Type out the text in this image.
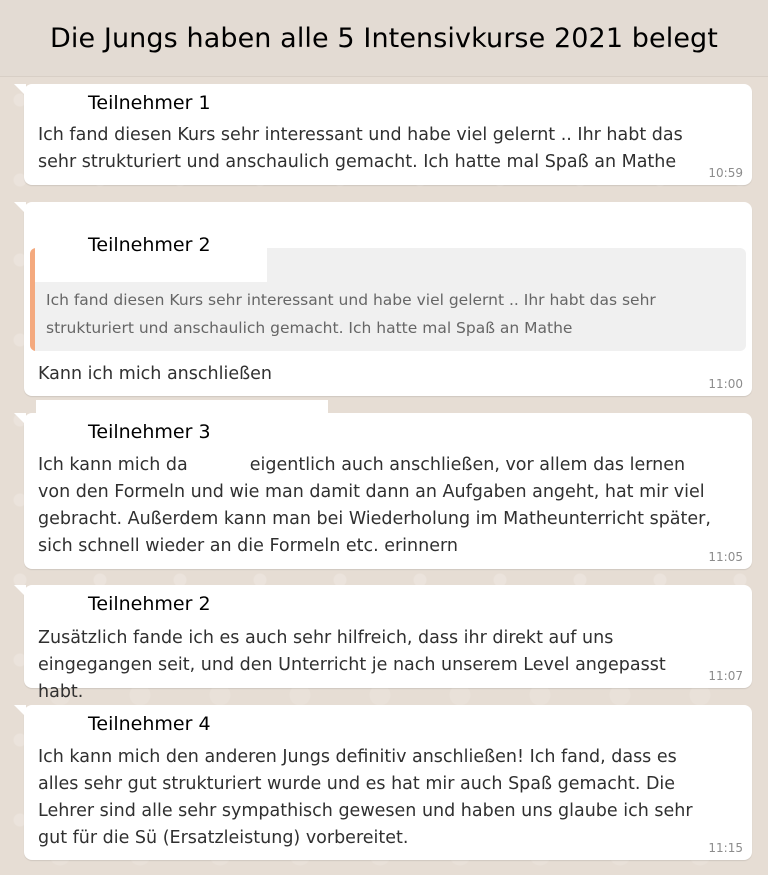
Die Jungs haben alle 5 Intensivkurse 2021 belegt
Teilnehmer 1
Ich fand diesen Kurs sehr interessant und habe viel gelernt .. Ihr habt das sehr strukturiert und anschaulich gemacht. Ich hatte mal Spaß an Mathe
10:59
Ich fand diesen Kurs sehr interessant und habe viel gelernt .. Ihr habt das sehr strukturiert und anschaulich gemacht. Ich hatte mal Spaß an Mathe
Teilnehmer 2
Kann ich mich anschließen	11:00
Teilnehmer 3
Ich kann mich da	eigentlich auch anschließen, vor allem das lernen von den Formeln und wie man damit dann an Aufgaben angeht, hat mir viel gebracht. Außerdem kann man bei Wiederholung im Matheunterricht später, sich schnell wieder an die Formeln etc. erinnern
11:05
Teilnehmer 2
Zusätzlich fande ich es auch sehr hilfreich, dass ihr direkt auf uns eingegangen seit, und den Unterricht je nach unserem Level angepasst habt.
11:07
Teilnehmer 4
Ich kann mich den anderen Jungs definitiv anschließen! Ich fand, dass es alles sehr gut strukturiert wurde und es hat mir auch Spaß gemacht. Die Lehrer sind alle sehr sympathisch gewesen und haben uns glaube ich sehr gut für die Sü (Ersatzleistung) vorbereitet.	11:15
